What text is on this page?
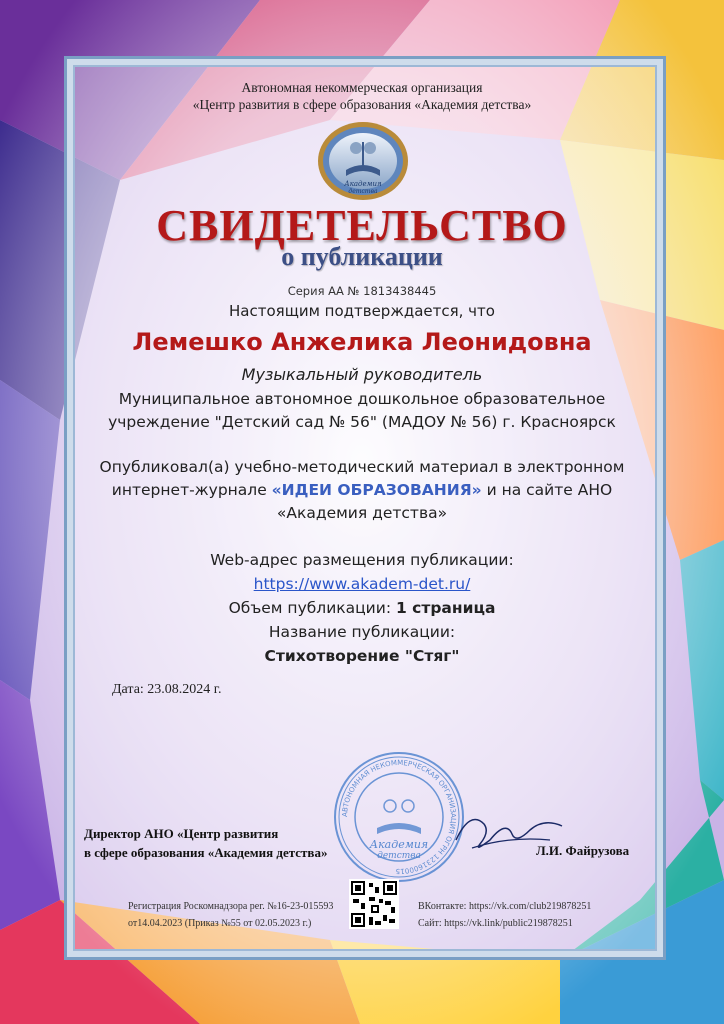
Автономная некоммерческая организация
«Центр развития в сфере образования «Академия детства»
Академия
детства
СВИДЕТЕЛЬСТВО
о публикации
Серия АА № 1813438445
Настоящим подтверждается, что
Лемешко Анжелика Леонидовна
Музыкальный руководитель
Муниципальное автономное дошкольное образовательное
учреждение "Детский сад № 56" (МАДОУ № 56) г. Красноярск
Опубликовал(а) учебно-методический материал в электронном
интернет-журнале «ИДЕИ ОБРАЗОВАНИЯ» и на сайте АНО
«Академия детства»
Web-адрес размещения публикации:
https://www.akadem-det.ru/
Объем публикации: 1 страница
Название публикации:
Стихотворение "Стяг"
Дата: 23.08.2024 г.
АВТОНОМНАЯ НЕКОММЕРЧЕСКАЯ ОРГАНИЗАЦИЯ ОГРН 1231600015
Академия
детства
Директор АНО «Центр развития
в сфере образования «Академия детства»	Л.И. Файрузова
Регистрация Роскомнадзора рег. №16-23-015593
от14.04.2023 (Приказ №55 от 02.05.2023 г.)
ВКонтакте: https://vk.com/club219878251
Сайт: https://vk.link/public219878251
